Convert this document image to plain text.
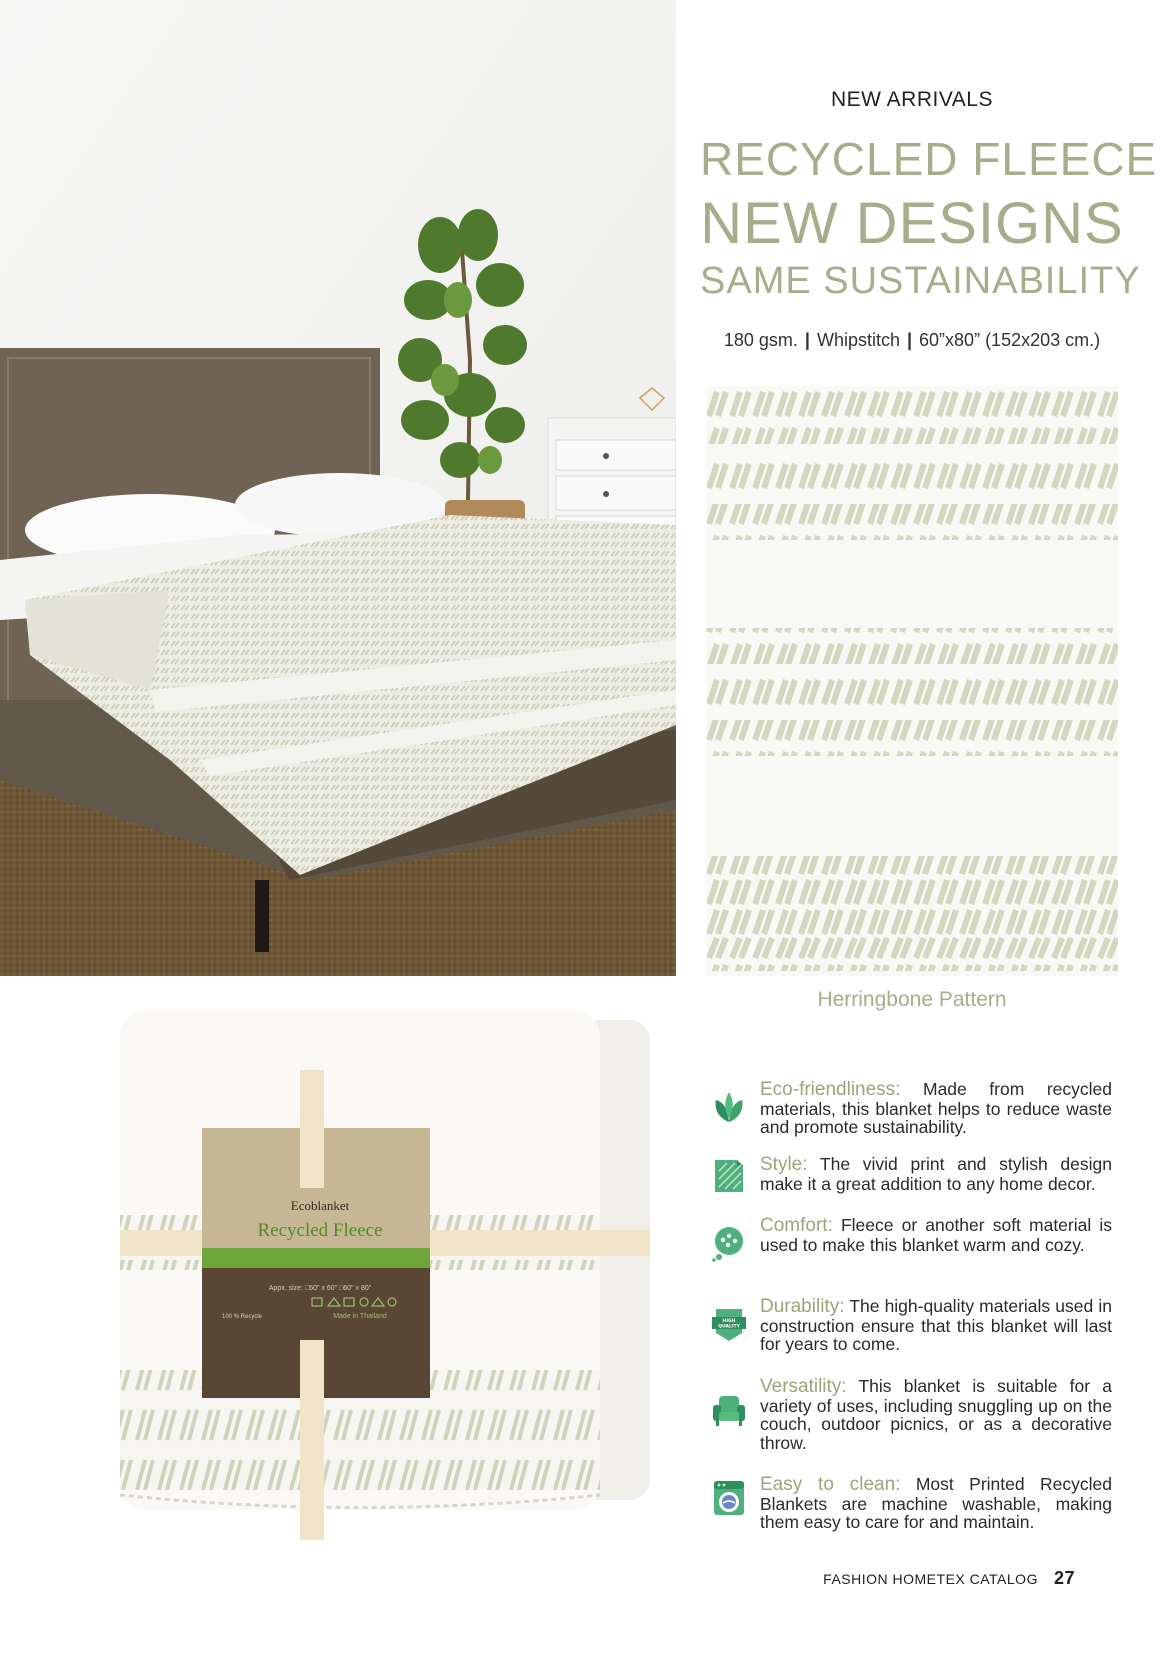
Ecoblanket
Recycled Fleece
Appx. size: □50" x 60" □60" x 80"
100 % Recycle	Made in Thailand
NEW ARRIVALS
RECYCLED FLEECE
NEW DESIGNS
SAME SUSTAINABILITY
180 gsm. | Whipstitch | 60”x80” (152x203 cm.)
Herringbone Pattern
Eco-friendliness: Made from recycled materials, this blanket helps to reduce waste and promote sustainability.
Style: The vivid print and stylish design make it a great addition to any home decor.
Comfort: Fleece or another soft material is used to make this blanket warm and cozy.
HIGH
QUALITY
Durability: The high-quality materials used in construction ensure that this blanket will last for years to come.
Versatility: This blanket is suitable for a variety of uses, including snuggling up on the couch, outdoor picnics, or as a decorative throw.
Easy to clean: Most Printed Recycled Blankets are machine washable, making them easy to care for and maintain.
FASHION HOMETEX CATALOG 27
